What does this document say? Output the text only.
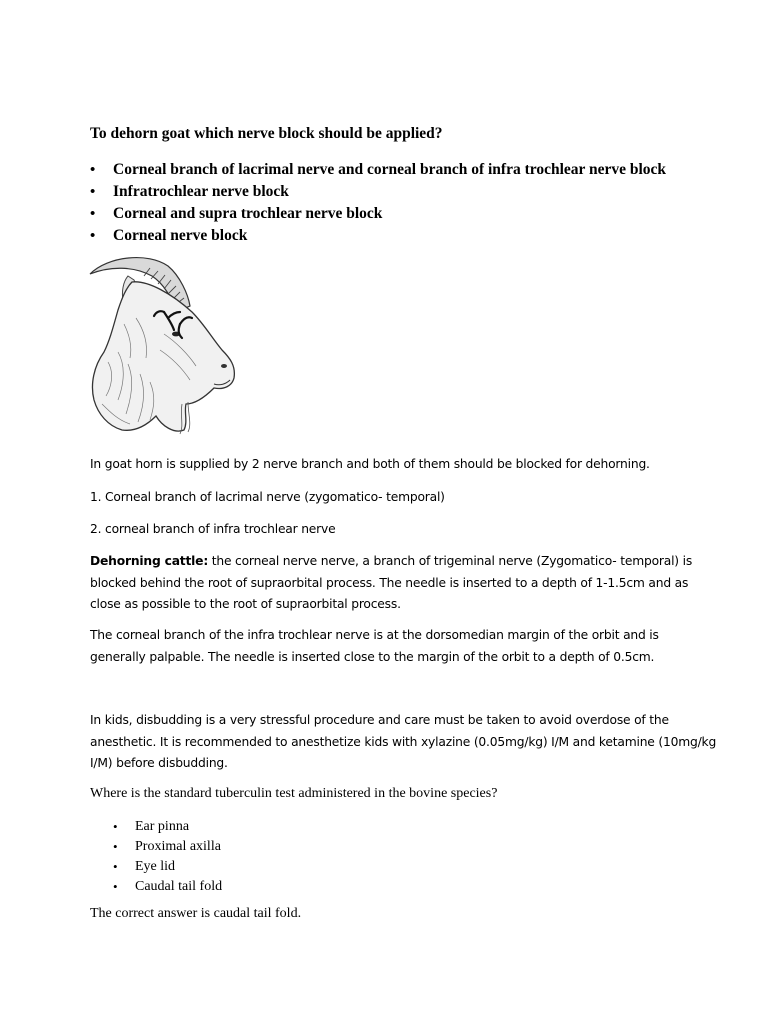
To dehorn goat which nerve block should be applied?
• Corneal branch of lacrimal nerve and corneal branch of infra trochlear nerve block
• Infratrochlear nerve block
• Corneal and supra trochlear nerve block
• Corneal nerve block

In goat horn is supplied by 2 nerve branch and both of them should be blocked for dehorning.

1. Corneal branch of lacrimal nerve (zygomatico- temporal)

2. corneal branch of infra trochlear nerve

Dehorning cattle: the corneal nerve nerve, a branch of trigeminal nerve (Zygomatico- temporal) is
blocked behind the root of supraorbital process. The needle is inserted to a depth of 1-1.5cm and as
close as possible to the root of supraorbital process.

The corneal branch of the infra trochlear nerve is at the dorsomedian margin of the orbit and is
generally palpable. The needle is inserted close to the margin of the orbit to a depth of 0.5cm.

In kids, disbudding is a very stressful procedure and care must be taken to avoid overdose of the
anesthetic. It is recommended to anesthetize kids with xylazine (0.05mg/kg) I/M and ketamine (10mg/kg
I/M) before disbudding.

Where is the standard tuberculin test administered in the bovine species?
• Ear pinna
• Proximal axilla
• Eye lid
• Caudal tail fold
The correct answer is caudal tail fold.
